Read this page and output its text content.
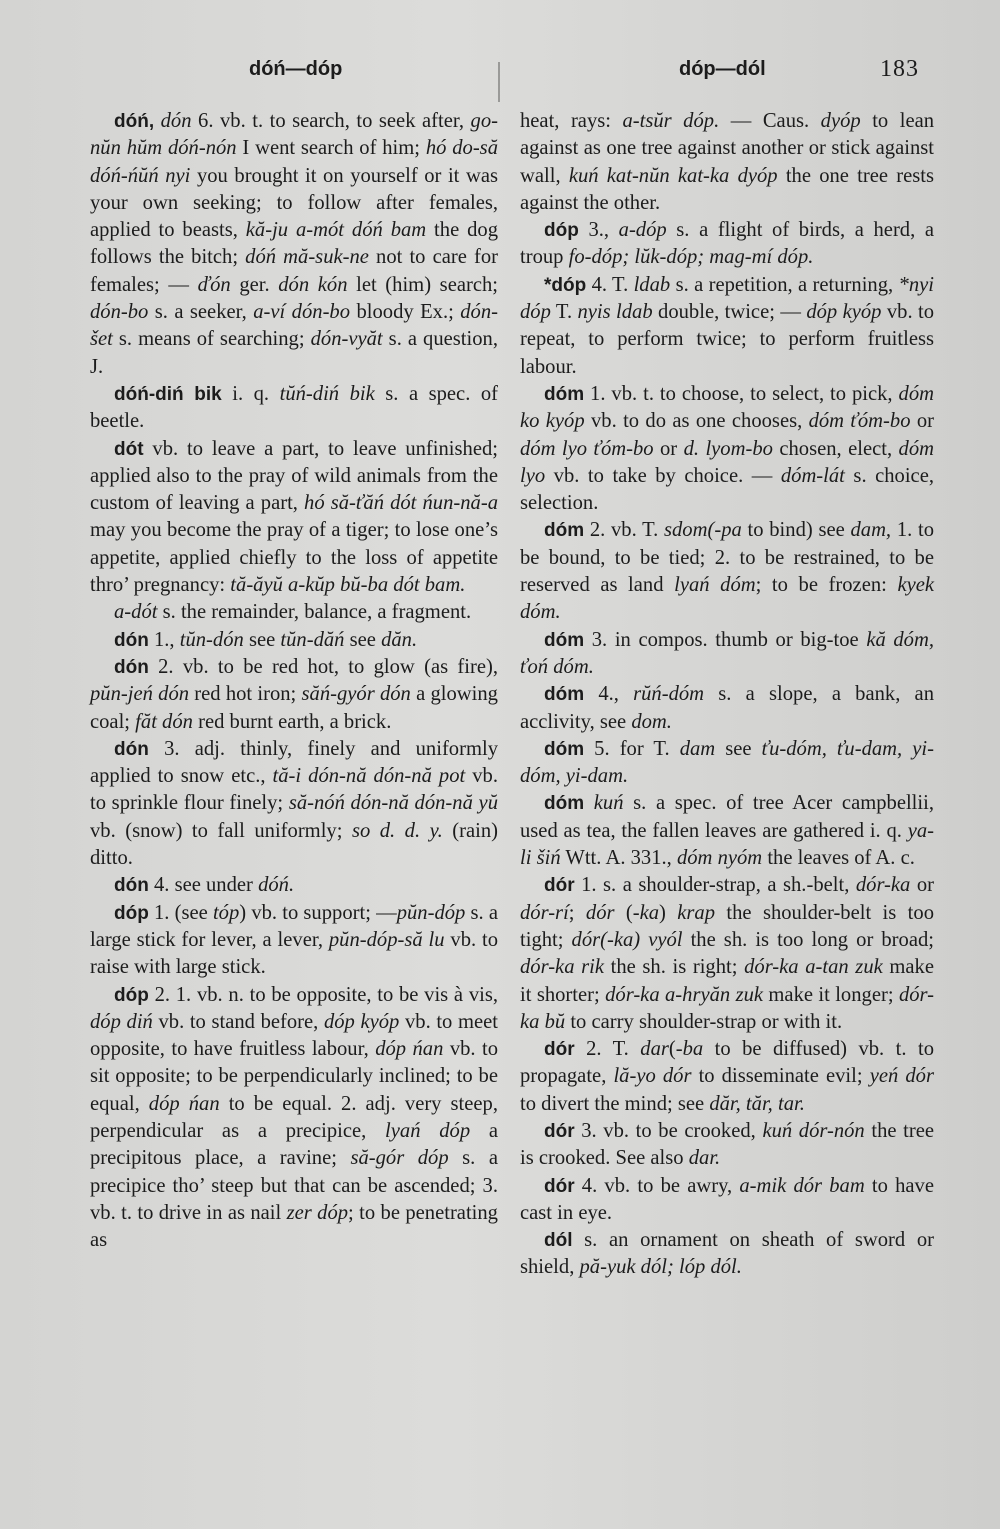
dóń—dóp	dóp—dól	183

dóń, dón 6. vb. t. to search, to seek after, go-nŭn hŭm dóń-nón I went search of him; hó do-să dóń-ńŭń nyi you brought it on yourself or it was your own seeking; to follow after females, applied to beasts, kă-ju a-mót dóń bam the dog follows the bitch; dóń mă-suk-ne not to care for females; — ďón ger. dón kón let (him) search; dón-bo s. a seeker, a-ví dón-bo bloody Ex.; dón-šet s. means of searching; dón-vyăt s. a question, J.

dóń-diń bik i. q. tŭń-diń bik s. a spec. of beetle.

dót vb. to leave a part, to leave unfinished; applied also to the pray of wild animals from the custom of leaving a part, hó să-ťăń dót ńun-nă-a may you become the pray of a tiger; to lose one’s appetite, applied chiefly to the loss of appetite thro’ pregnancy: tă-ăyŭ a-kŭp bŭ-ba dót bam.

a-dót s. the remainder, balance, a fragment.

dón 1., tŭn-dón see tŭn-dăń see dăn.

dón 2. vb. to be red hot, to glow (as fire), pŭn-jeń dón red hot iron; săń-gyór dón a glowing coal; făt dón red burnt earth, a brick.

dón 3. adj. thinly, finely and uniformly applied to snow etc., tă-i dón-nă dón-nă pot vb. to sprinkle flour finely; să-nóń dón-nă dón-nă yŭ vb. (snow) to fall uniformly; so d. d. y. (rain) ditto.

dón 4. see under dóń.

dóp 1. (see tóp) vb. to support; —pŭn-dóp s. a large stick for lever, a lever, pŭn-dóp-să lu vb. to raise with large stick.

dóp 2. 1. vb. n. to be opposite, to be vis à vis, dóp diń vb. to stand before, dóp kyóp vb. to meet opposite, to have fruitless labour, dóp ńan vb. to sit opposite; to be perpendicularly inclined; to be equal, dóp ńan to be equal. 2. adj. very steep, perpendicular as a precipice, lyań dóp a precipitous place, a ravine; să-gór dóp s. a precipice tho’ steep but that can be ascended; 3. vb. t. to drive in as nail zer dóp; to be penetrating as

heat, rays: a-tsŭr dóp. — Caus. dyóp to lean against as one tree against another or stick against wall, kuń kat-nŭn kat-ka dyóp the one tree rests against the other.

dóp 3., a-dóp s. a flight of birds, a herd, a troup fo-dóp; lŭk-dóp; mag-mí dóp.

*dóp 4. T. ldab s. a repetition, a returning, *nyi dóp T. nyis ldab double, twice; — dóp kyóp vb. to repeat, to perform twice; to perform fruitless labour.

dóm 1. vb. t. to choose, to select, to pick, dóm ko kyóp vb. to do as one chooses, dóm ťóm-bo or dóm lyo ťóm-bo or d. lyom-bo chosen, elect, dóm lyo vb. to take by choice. — dóm-lát s. choice, selection.

dóm 2. vb. T. sdom(-pa to bind) see dam, 1. to be bound, to be tied; 2. to be restrained, to be reserved as land lyań dóm; to be frozen: kyek dóm.

dóm 3. in compos. thumb or big-toe kă dóm, ťoń dóm.

dóm 4., rŭń-dóm s. a slope, a bank, an acclivity, see dom.

dóm 5. for T. dam see ťu-dóm, ťu-dam, yi-dóm, yi-dam.

dóm kuń s. a spec. of tree Acer campbellii, used as tea, the fallen leaves are gathered i. q. ya-li šiń Wtt. A. 331., dóm nyóm the leaves of A. c.

dór 1. s. a shoulder-strap, a sh.-belt, dór-ka or dór-rí; dór (-ka) krap the shoulder-belt is too tight; dór(-ka) vyól the sh. is too long or broad; dór-ka rik the sh. is right; dór-ka a-tan zuk make it shorter; dór-ka a-hryăn zuk make it longer; dór-ka bŭ to carry shoulder-strap or with it.

dór 2. T. dar(-ba to be diffused) vb. t. to propagate, lă-yo dór to disseminate evil; yeń dór to divert the mind; see dăr, tăr, tar.

dór 3. vb. to be crooked, kuń dór-nón the tree is crooked. See also dar.

dór 4. vb. to be awry, a-mik dór bam to have cast in eye.

dól s. an ornament on sheath of sword or shield, pă-yuk dól; lóp dól.
